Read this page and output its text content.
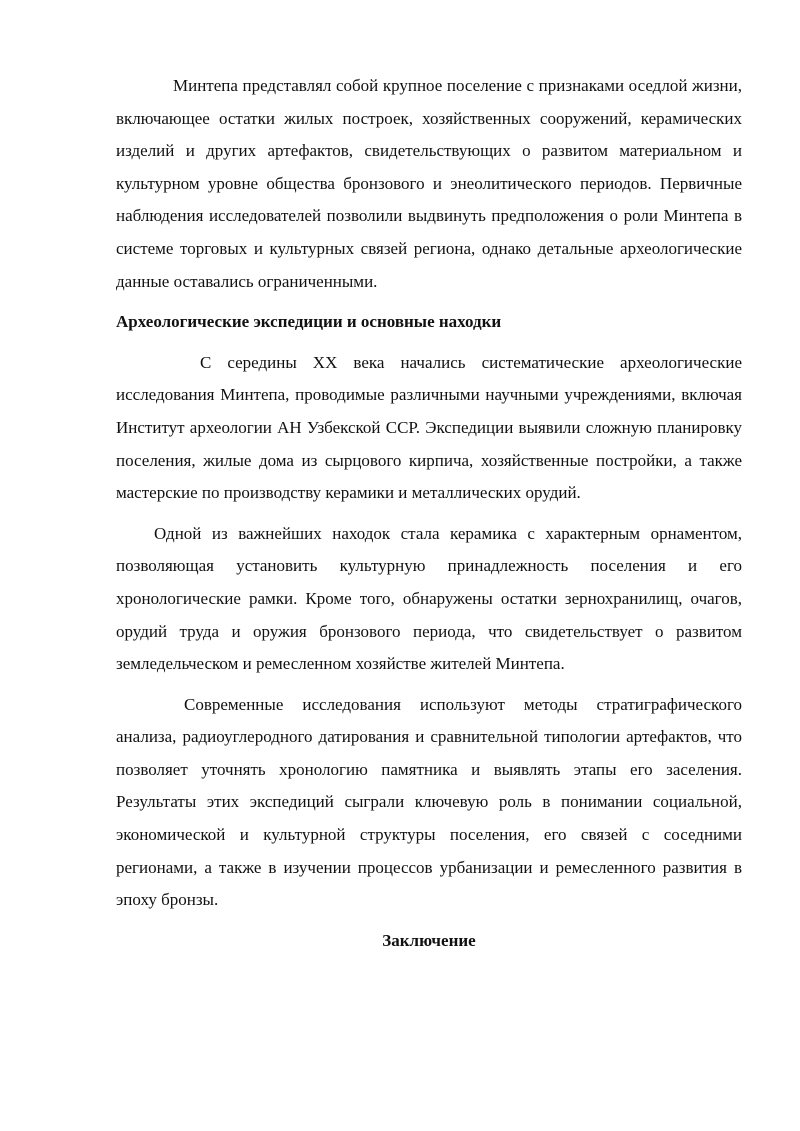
Минтепа представлял собой крупное поселение с признаками оседлой жизни, включающее остатки жилых построек, хозяйственных сооружений, керамических изделий и других артефактов, свидетельствующих о развитом материальном и культурном уровне общества бронзового и энеолитического периодов. Первичные наблюдения исследователей позволили выдвинуть предположения о роли Минтепа в системе торговых и культурных связей региона, однако детальные археологические данные оставались ограниченными.

Археологические экспедиции и основные находки

С середины XX века начались систематические археологические исследования Минтепа, проводимые различными научными учреждениями, включая Институт археологии АН Узбекской ССР. Экспедиции выявили сложную планировку поселения, жилые дома из сырцового кирпича, хозяйственные постройки, а также мастерские по производству керамики и металлических орудий.

Одной из важнейших находок стала керамика с характерным орнаментом, позволяющая установить культурную принадлежность поселения и его хронологические рамки. Кроме того, обнаружены остатки зернохранилищ, очагов, орудий труда и оружия бронзового периода, что свидетельствует о развитом земледельческом и ремесленном хозяйстве жителей Минтепа.

Современные исследования используют методы стратиграфического анализа, радиоуглеродного датирования и сравнительной типологии артефактов, что позволяет уточнять хронологию памятника и выявлять этапы его заселения. Результаты этих экспедиций сыграли ключевую роль в понимании социальной, экономической и культурной структуры поселения, его связей с соседними регионами, а также в изучении процессов урбанизации и ремесленного развития в эпоху бронзы.

Заключение
